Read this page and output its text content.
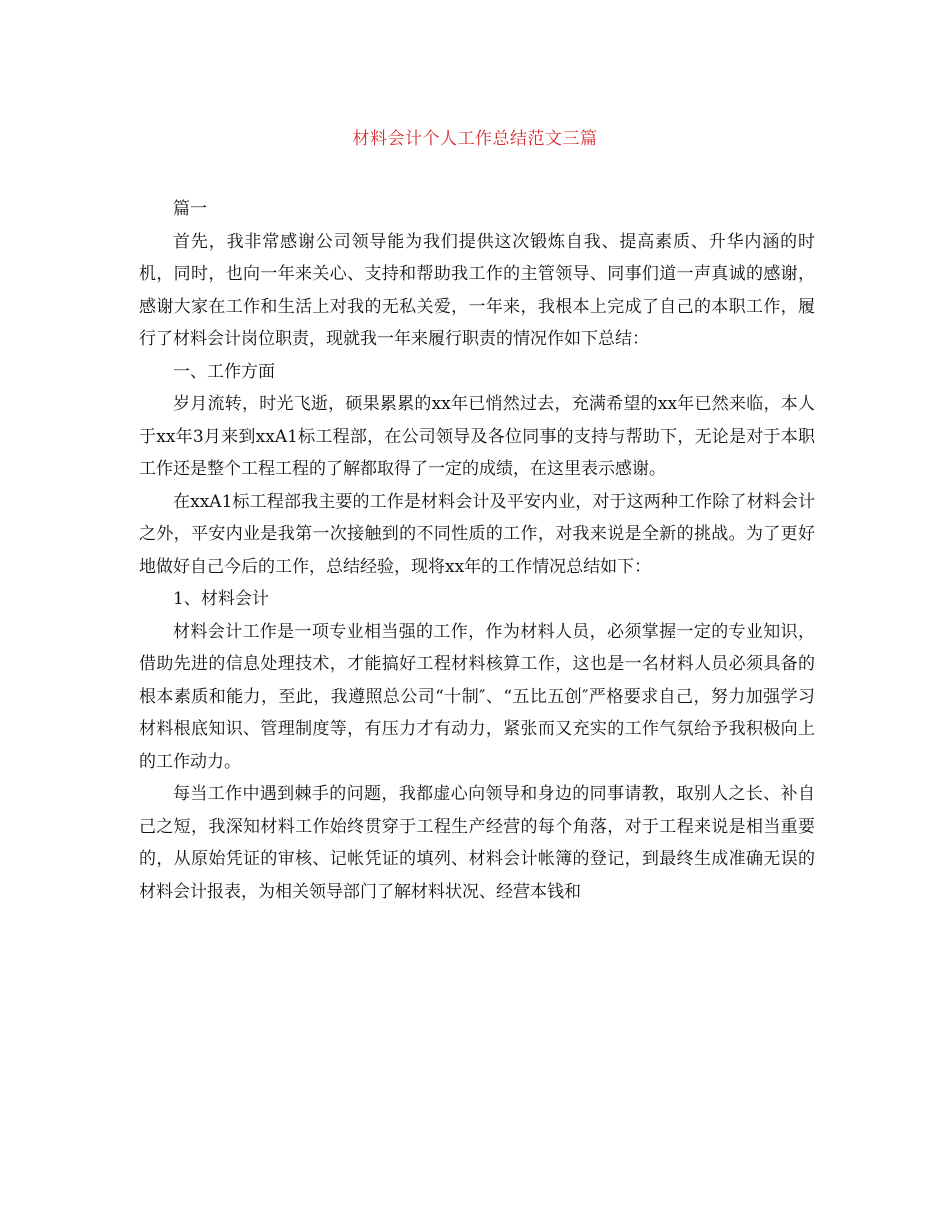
材料会计个人工作总结范文三篇

篇一

首先，我非常感谢公司领导能为我们提供这次锻炼自我、提高素质、升华内涵的时机，同时，也向一年来关心、支持和帮助我工作的主管领导、同事们道一声真诚的感谢，感谢大家在工作和生活上对我的无私关爱，一年来，我根本上完成了自己的本职工作，履行了材料会计岗位职责，现就我一年来履行职责的情况作如下总结：

一、工作方面

岁月流转，时光飞逝，硕果累累的xx年已悄然过去，充满希望的xx年已然来临，本人于xx年3月来到xxA1标工程部，在公司领导及各位同事的支持与帮助下，无论是对于本职工作还是整个工程工程的了解都取得了一定的成绩，在这里表示感谢。

在xxA1标工程部我主要的工作是材料会计及平安内业，对于这两种工作除了材料会计之外，平安内业是我第一次接触到的不同性质的工作，对我来说是全新的挑战。为了更好地做好自己今后的工作，总结经验，现将xx年的工作情况总结如下：

1、材料会计

材料会计工作是一项专业相当强的工作，作为材料人员，必须掌握一定的专业知识，借助先进的信息处理技术，才能搞好工程材料核算工作，这也是一名材料人员必须具备的根本素质和能力，至此，我遵照总公司“十制″、“五比五创″严格要求自己，努力加强学习材料根底知识、管理制度等，有压力才有动力，紧张而又充实的工作气氛给予我积极向上的工作动力。

每当工作中遇到棘手的问题，我都虚心向领导和身边的同事请教，取别人之长、补自己之短，我深知材料工作始终贯穿于工程生产经营的每个角落，对于工程来说是相当重要的，从原始凭证的审核、记帐凭证的填列、材料会计帐簿的登记，到最终生成准确无误的材料会计报表，为相关领导部门了解材料状况、经营本钱和
